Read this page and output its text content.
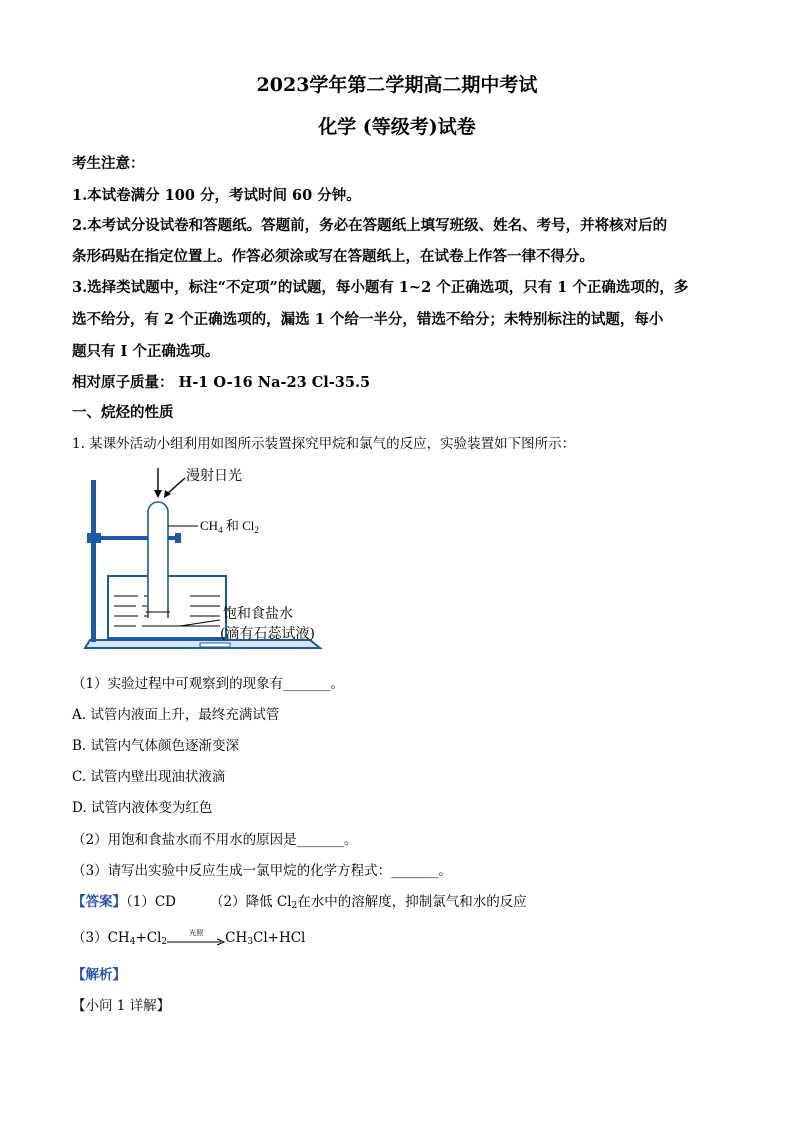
2023学年第二学期高二期中考试
化学 (等级考)试卷
考生注意：
1.本试卷满分 100 分，考试时间 60 分钟。
2.本考试分设试卷和答题纸。答题前，务必在答题纸上填写班级、姓名、考号，并将核对后的
条形码贴在指定位置上。作答必须涂或写在答题纸上，在试卷上作答一律不得分。
3.选择类试题中，标注“不定项”的试题，每小题有 1~2 个正确选项，只有 1 个正确选项的，多
选不给分，有 2 个正确选项的，漏选 1 个给一半分，错选不给分；未特别标注的试题，每小
题只有 I 个正确选项。
相对原子质量： H-1 O-16 Na-23 Cl-35.5
一、烷烃的性质
1. 某课外活动小组利用如图所示装置探究甲烷和氯气的反应，实验装置如下图所示：
漫射日光
$CH_4$ 和 $Cl_2$
饱和食盐水
(滴有石蕊试液)
（1）实验过程中可观察到的现象有_______。
A. 试管内液面上升，最终充满试管
B. 试管内气体颜色逐渐变深
C. 试管内壁出现油状液滴
D. 试管内液体变为红色
（2）用饱和食盐水而不用水的原因是_______。
（3）请写出实验中反应生成一氯甲烷的化学方程式：_______。
【答案】（1）CD	（2）降低 $Cl_2$在水中的溶解度，抑制氯气和水的反应
$(3)CH_4+Cl_2$
光照	$CH_3Cl+HCl$
【解析】
【小问 1 详解】
